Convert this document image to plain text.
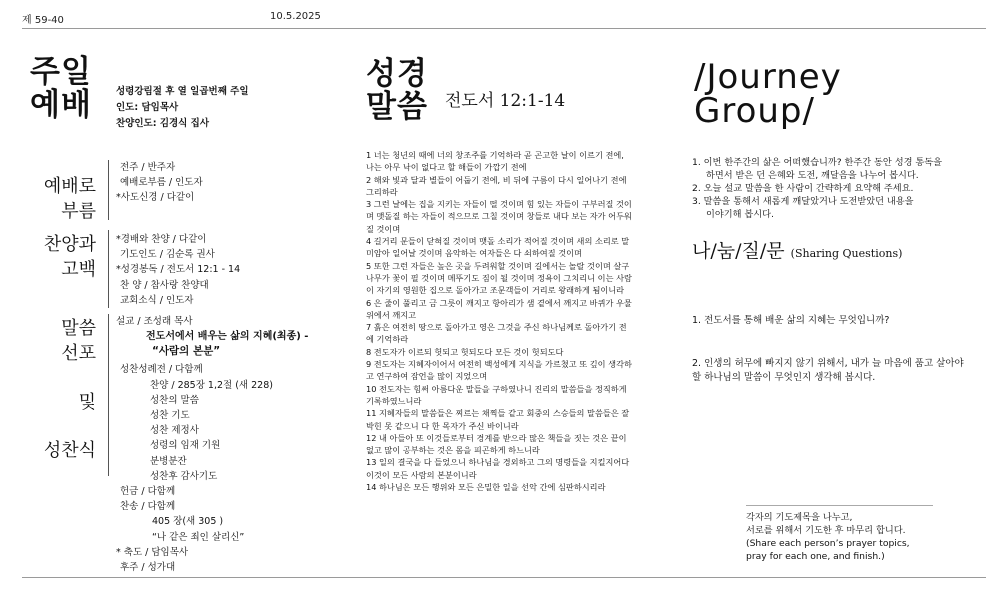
제 59-40	10.5.2025
주일
예배	성령강림절 후 열 일곱번째 주일
인도: 담임목사
찬양인도: 김경식 집사
예배로
부름
찬양과
고백
말씀
선포
및
성찬식
전주 / 반주자
예배로부름 / 인도자
*사도신경 / 다같이
*경배와 찬양 / 다같이
기도인도 / 김순록 권사
*성경봉독 / 전도서 12:1 - 14
찬 양 / 참사랑 찬양대
교회소식 / 인도자
설교 / 조성래 목사
전도서에서 배우는 삶의 지혜(최종) -
“사람의 본분”
성찬성례전 / 다함께
찬양 / 285장 1,2절 (새 228)
성찬의 말씀
성찬 기도
성찬 제정사
성령의 임재 기원
분병분잔
성찬후 감사기도
헌금 / 다함께
찬송 / 다함께
405 장(새 305 )
“나 같은 죄인 살리신”
* 축도 / 담임목사
후주 / 성가대
성경
말씀 전도서 12:1-14

1 너는 청년의 때에 너의 창조주를 기억하라 곧 곤고한 날이 이르기 전에, 나는 아무 낙이 없다고 할 해들이 가깝기 전에

2 해와 빛과 달과 별들이 어둡기 전에, 비 뒤에 구름이 다시 일어나기 전에 그리하라

3 그런 날에는 집을 지키는 자들이 떨 것이며 힘 있는 자들이 구부러질 것이며 맷돌질 하는 자들이 적으므로 그칠 것이며 창들로 내다 보는 자가 어두워질 것이며

4 길거리 문들이 닫혀질 것이며 맷돌 소리가 적어질 것이며 새의 소리로 말미암아 일어날 것이며 음악하는 여자들은 다 쇠하여질 것이며

5 또한 그런 자들은 높은 곳을 두려워할 것이며 길에서는 놀랄 것이며 살구나무가 꽃이 필 것이며 메뚜기도 짐이 될 것이며 정욕이 그치리니 이는 사람이 자기의 영원한 집으로 돌아가고 조문객들이 거리로 왕래하게 됨이니라

6 은 줄이 풀리고 금 그릇이 깨지고 항아리가 샘 곁에서 깨지고 바퀴가 우물 위에서 깨지고

7 흙은 여전히 땅으로 돌아가고 영은 그것을 주신 하나님께로 돌아가기 전에 기억하라

8 전도자가 이르되 헛되고 헛되도다 모든 것이 헛되도다

9 전도자는 지혜자이어서 여전히 백성에게 지식을 가르쳤고 또 깊이 생각하고 연구하여 잠언을 많이 지었으며

10 전도자는 힘써 아름다운 말들을 구하였나니 진리의 말씀들을 정직하게 기록하였느니라

11 지혜자들의 말씀들은 찌르는 채찍들 같고 회중의 스승들의 말씀들은 잘 박힌 못 같으니 다 한 목자가 주신 바이니라

12 내 아들아 또 이것들로부터 경계를 받으라 많은 책들을 짓는 것은 끝이 없고 많이 공부하는 것은 몸을 피곤하게 하느니라

13 일의 결국을 다 들었으니 하나님을 경외하고 그의 명령들을 지킬지어다 이것이 모든 사람의 본분이니라

14 하나님은 모든 행위와 모든 은밀한 일을 선악 간에 심판하시리라

/Journey
Group/
1. 이번 한주간의 삶은 어떠했습니까? 한주간 동안 성경 통독을
하면서 받은 던 은혜와 도전, 깨달음을 나누어 봅시다.
2. 오늘 설교 말씀을 한 사람이 간략하게 요약해 주세요.
3. 말씀을 통해서 새롭게 깨달았거나 도전받았던 내용을
이야기해 봅시다.
나/눔/질/문 (Sharing Questions)
1. 전도서를 통해 배운 삶의 지혜는 무엇입니까?
2. 인생의 허무에 빠지지 않기 위해서, 내가 늘 마음에 품고 살아야 할 하나님의 말씀이 무엇인지 생각해 봅시다.
각자의 기도제목을 나누고,
서로를 위해서 기도한 후 마무리 합니다.
(Share each person’s prayer topics,
pray for each one, and finish.)
